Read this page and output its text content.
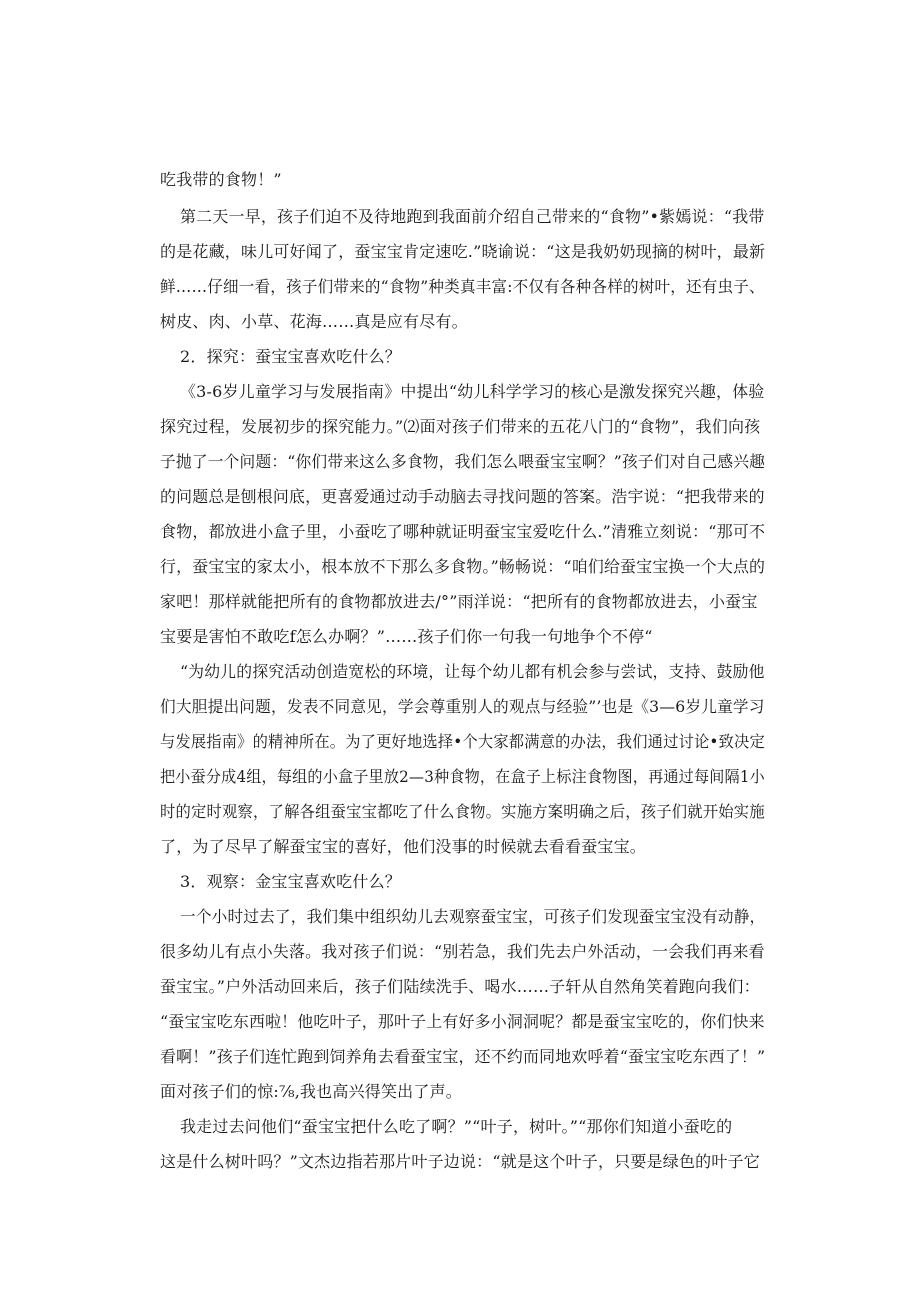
吃我带的食物！”
第二天一早，孩子们迫不及待地跑到我面前介绍自己带来的“食物”•紫嫣说：“我带
的是花藏，味儿可好闻了，蚕宝宝肯定速吃.”晓谕说：“这是我奶奶现摘的树叶，最新
鲜……仔细一看，孩子们带来的“食物”种类真丰富:不仅有各种各样的树叶，还有虫子、
树皮、肉、小草、花海……真是应有尽有。
2．探究：蚕宝宝喜欢吃什么？
《3-6岁儿童学习与发展指南》中提出“幼儿科学学习的核心是激发探究兴趣，体验
探究过程，发展初步的探究能力。”⑵面对孩子们带来的五花八门的“食物”，我们向孩
子抛了一个问题：“你们带来这么多食物，我们怎么喂蚕宝宝啊？”孩子们对自己感兴趣
的问题总是刨根问底，更喜爱通过动手动脑去寻找问题的答案。浩宇说：“把我带来的
食物，都放进小盒子里，小蚕吃了哪种就证明蚕宝宝爱吃什么.”清雅立刻说：“那可不
行，蚕宝宝的家太小，根本放不下那么多食物。”畅畅说：“咱们给蚕宝宝换一个大点的
家吧！那样就能把所有的食物都放进去/°”雨洋说：“把所有的食物都放进去，小蚕宝
宝要是害怕不敢吃f怎么办啊？”……孩子们你一句我一句地争个不停“
“为幼儿的探究活动创造宽松的环境，让每个幼儿都有机会参与尝试，支持、鼓励他
们大胆提出问题，发表不同意见，学会尊重别人的观点与经验”’也是《3—6岁儿童学习
与发展指南》的精神所在。为了更好地选择•个大家都满意的办法，我们通过讨论•致决定
把小蚕分成4组，每组的小盒子里放2—3种食物，在盒子上标注食物图，再通过每间隔1小
时的定时观察，了解各组蚕宝宝都吃了什么食物。实施方案明确之后，孩子们就开始实施
了，为了尽早了解蚕宝宝的喜好，他们没事的时候就去看看蚕宝宝。
3．观察：金宝宝喜欢吃什么？
一个小时过去了，我们集中组织幼儿去观察蚕宝宝，可孩子们发现蚕宝宝没有动静，
很多幼儿有点小失落。我对孩子们说：“别若急，我们先去户外活动，一会我们再来看
蚕宝宝。”户外活动回来后，孩子们陆续洗手、喝水……子轩从自然角笑着跑向我们：
“蚕宝宝吃东西啦！他吃叶子，那叶子上有好多小洞洞呢？都是蚕宝宝吃的，你们快来
看啊！”孩子们连忙跑到饲养角去看蚕宝宝，还不约而同地欢呼着“蚕宝宝吃东西了！”
面对孩子们的惊:⅞,我也高兴得笑出了声。
我走过去问他们“蚕宝宝把什么吃了啊？”“叶子，树叶。”“那你们知道小蚕吃的
这是什么树叶吗？”文杰边指若那片叶子边说：“就是这个叶子，只要是绿色的叶子它
